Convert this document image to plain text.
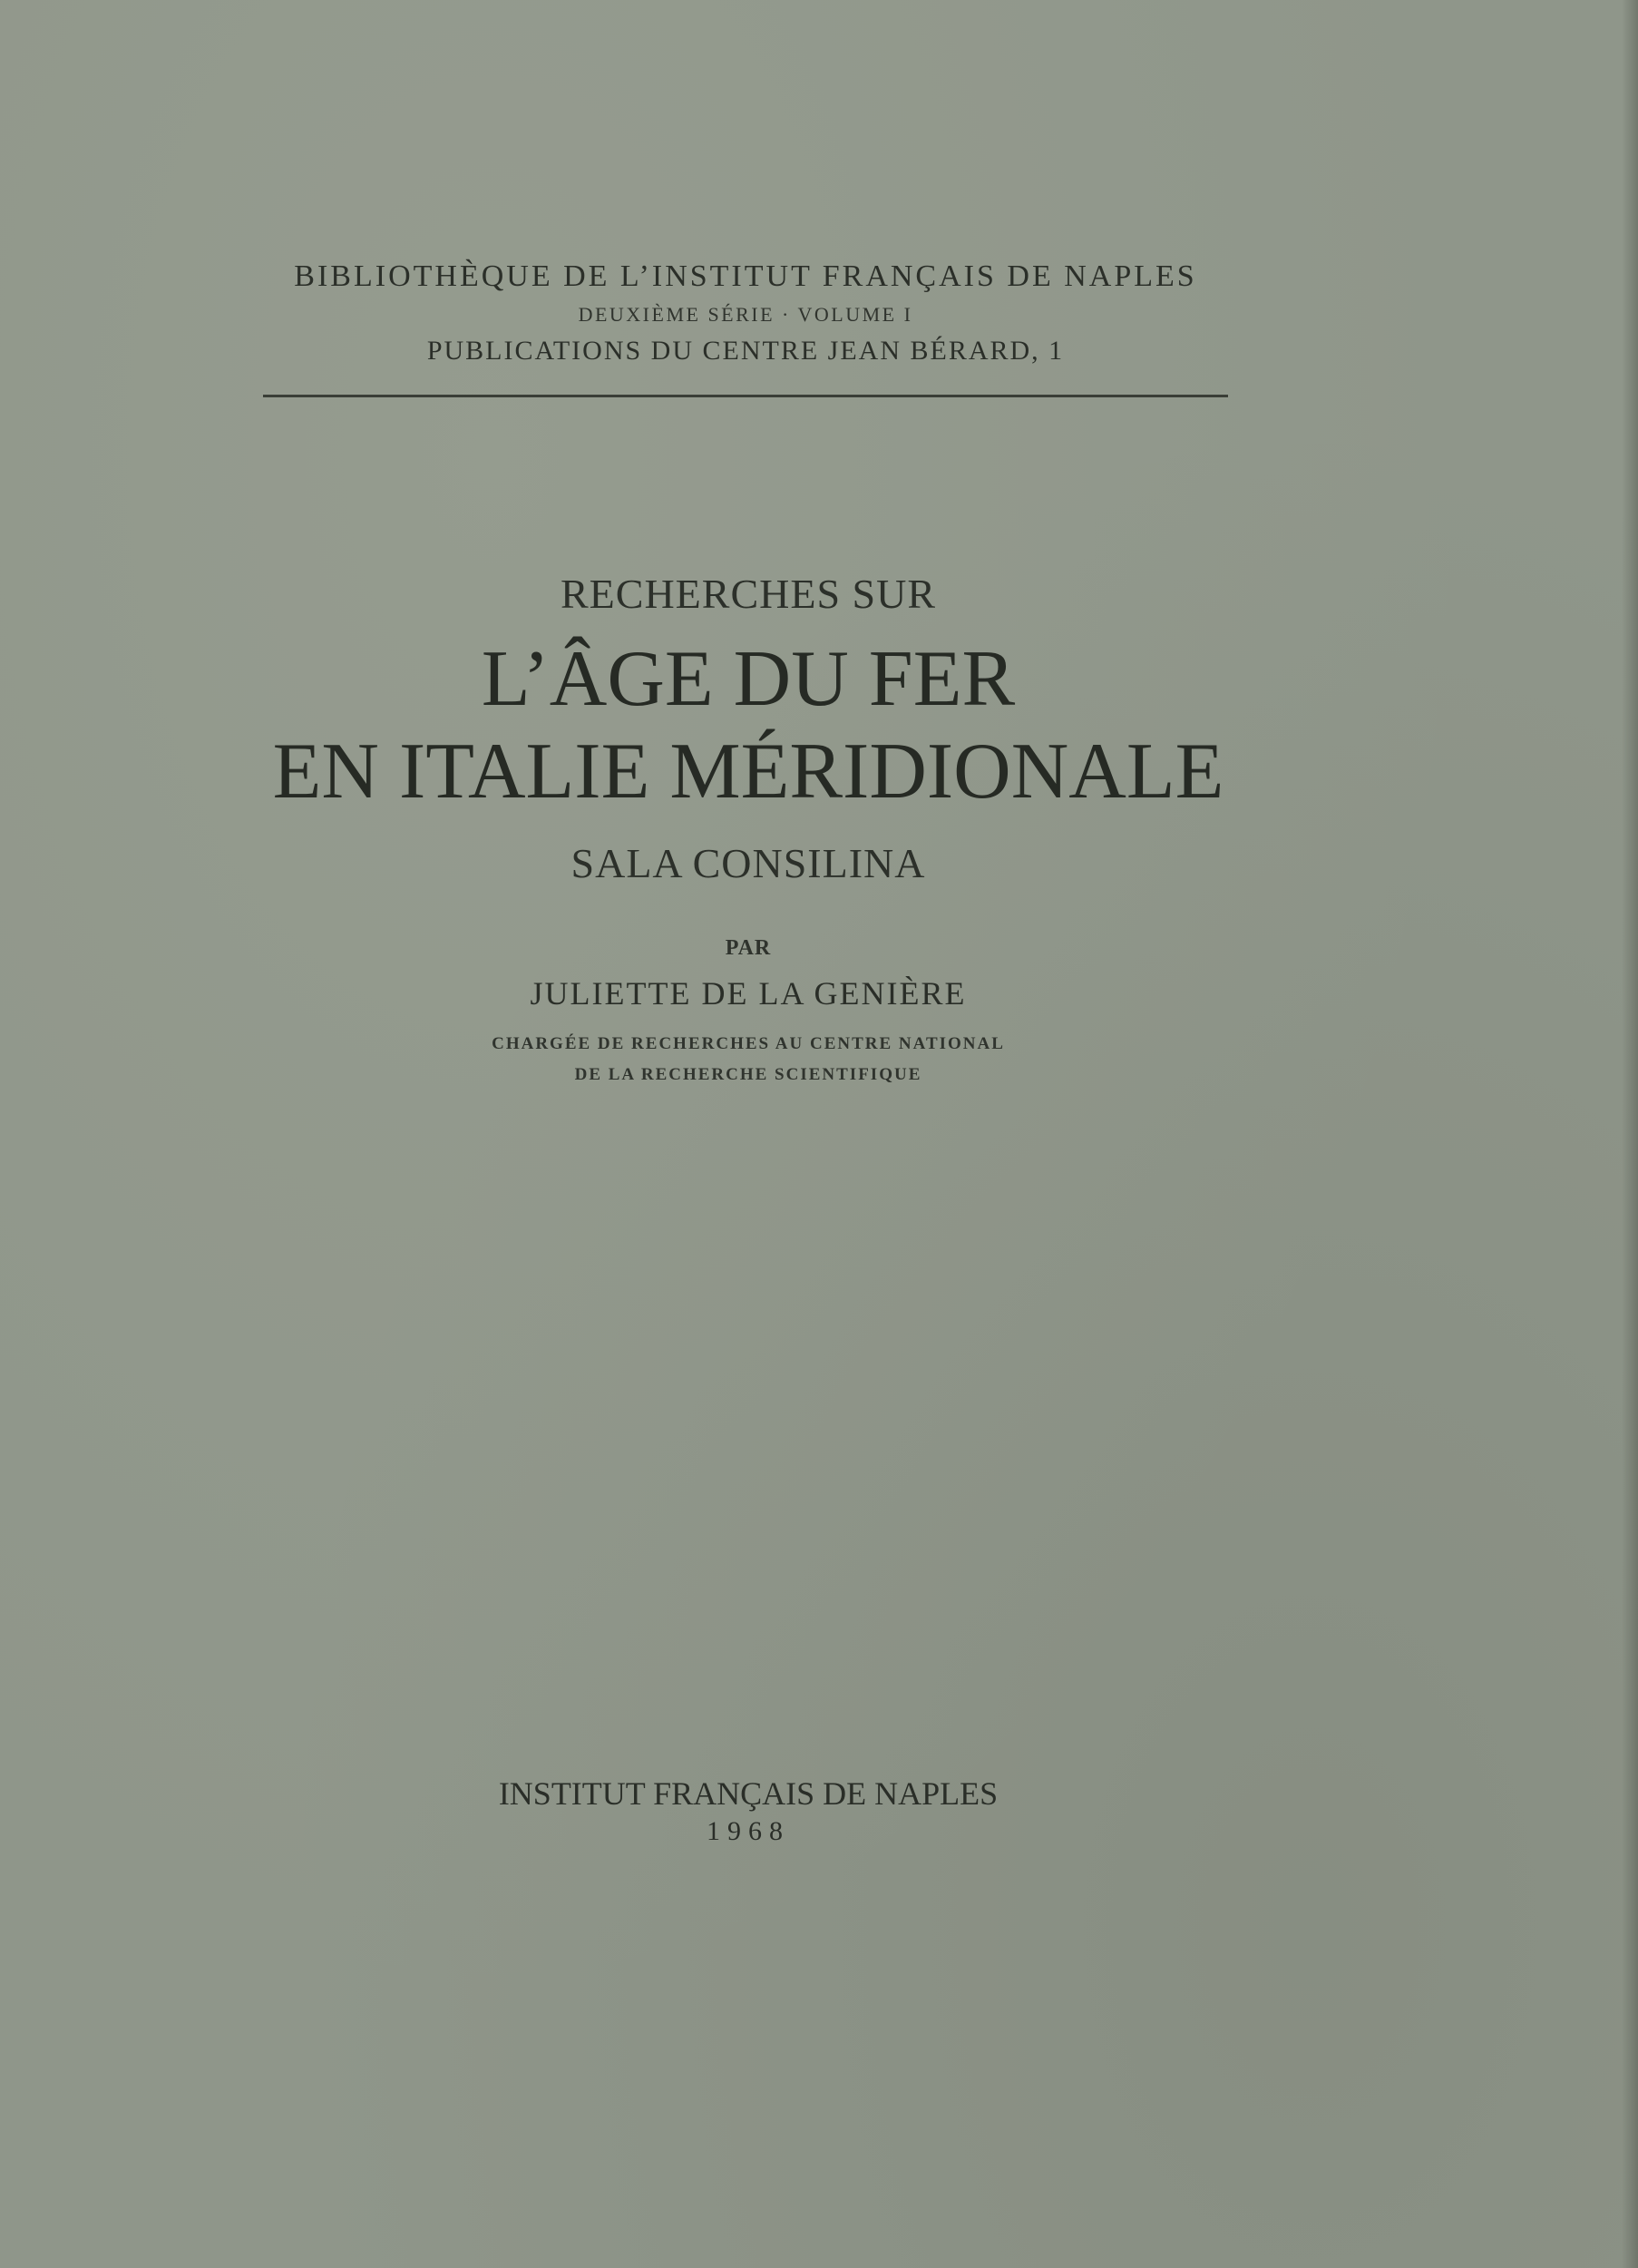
BIBLIOTHÈQUE DE L’INSTITUT FRANÇAIS DE NAPLES
DEUXIÈME SÉRIE · VOLUME I
PUBLICATIONS DU CENTRE JEAN BÉRARD, 1
RECHERCHES SUR
L’ÂGE DU FER
EN ITALIE MÉRIDIONALE
SALA CONSILINA
PAR
JULIETTE DE LA GENIÈRE
CHARGÉE DE RECHERCHES AU CENTRE NATIONAL
DE LA RECHERCHE SCIENTIFIQUE
INSTITUT FRANÇAIS DE NAPLES
1968
